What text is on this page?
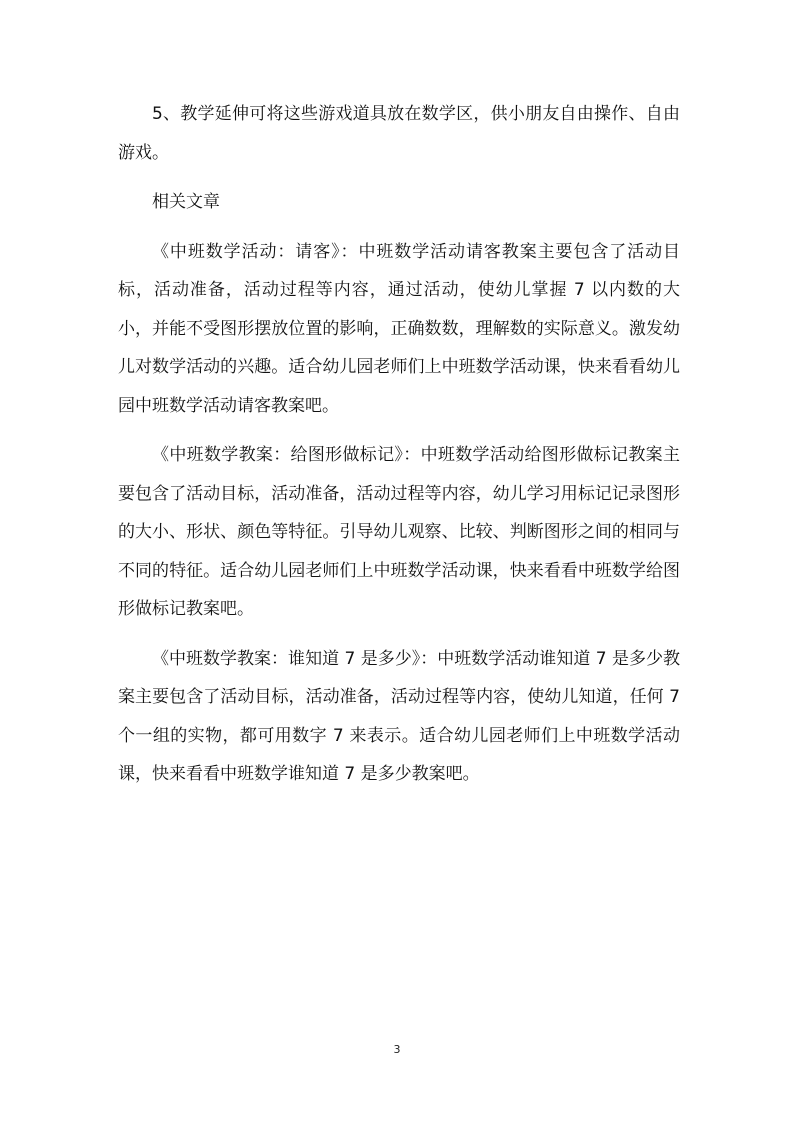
5、教学延伸可将这些游戏道具放在数学区，供小朋友自由操作、自由游戏。

相关文章

《中班数学活动：请客》：中班数学活动请客教案主要包含了活动目标，活动准备，活动过程等内容，通过活动，使幼儿掌握 7 以内数的大小，并能不受图形摆放位置的影响，正确数数，理解数的实际意义。激发幼儿对数学活动的兴趣。适合幼儿园老师们上中班数学活动课，快来看看幼儿园中班数学活动请客教案吧。

《中班数学教案：给图形做标记》：中班数学活动给图形做标记教案主要包含了活动目标，活动准备，活动过程等内容，幼儿学习用标记记录图形的大小、形状、颜色等特征。引导幼儿观察、比较、判断图形之间的相同与不同的特征。适合幼儿园老师们上中班数学活动课，快来看看中班数学给图形做标记教案吧。

《中班数学教案：谁知道 7 是多少》：中班数学活动谁知道 7 是多少教案主要包含了活动目标，活动准备，活动过程等内容，使幼儿知道，任何 7 个一组的实物，都可用数字 7 来表示。适合幼儿园老师们上中班数学活动课，快来看看中班数学谁知道 7 是多少教案吧。

3
